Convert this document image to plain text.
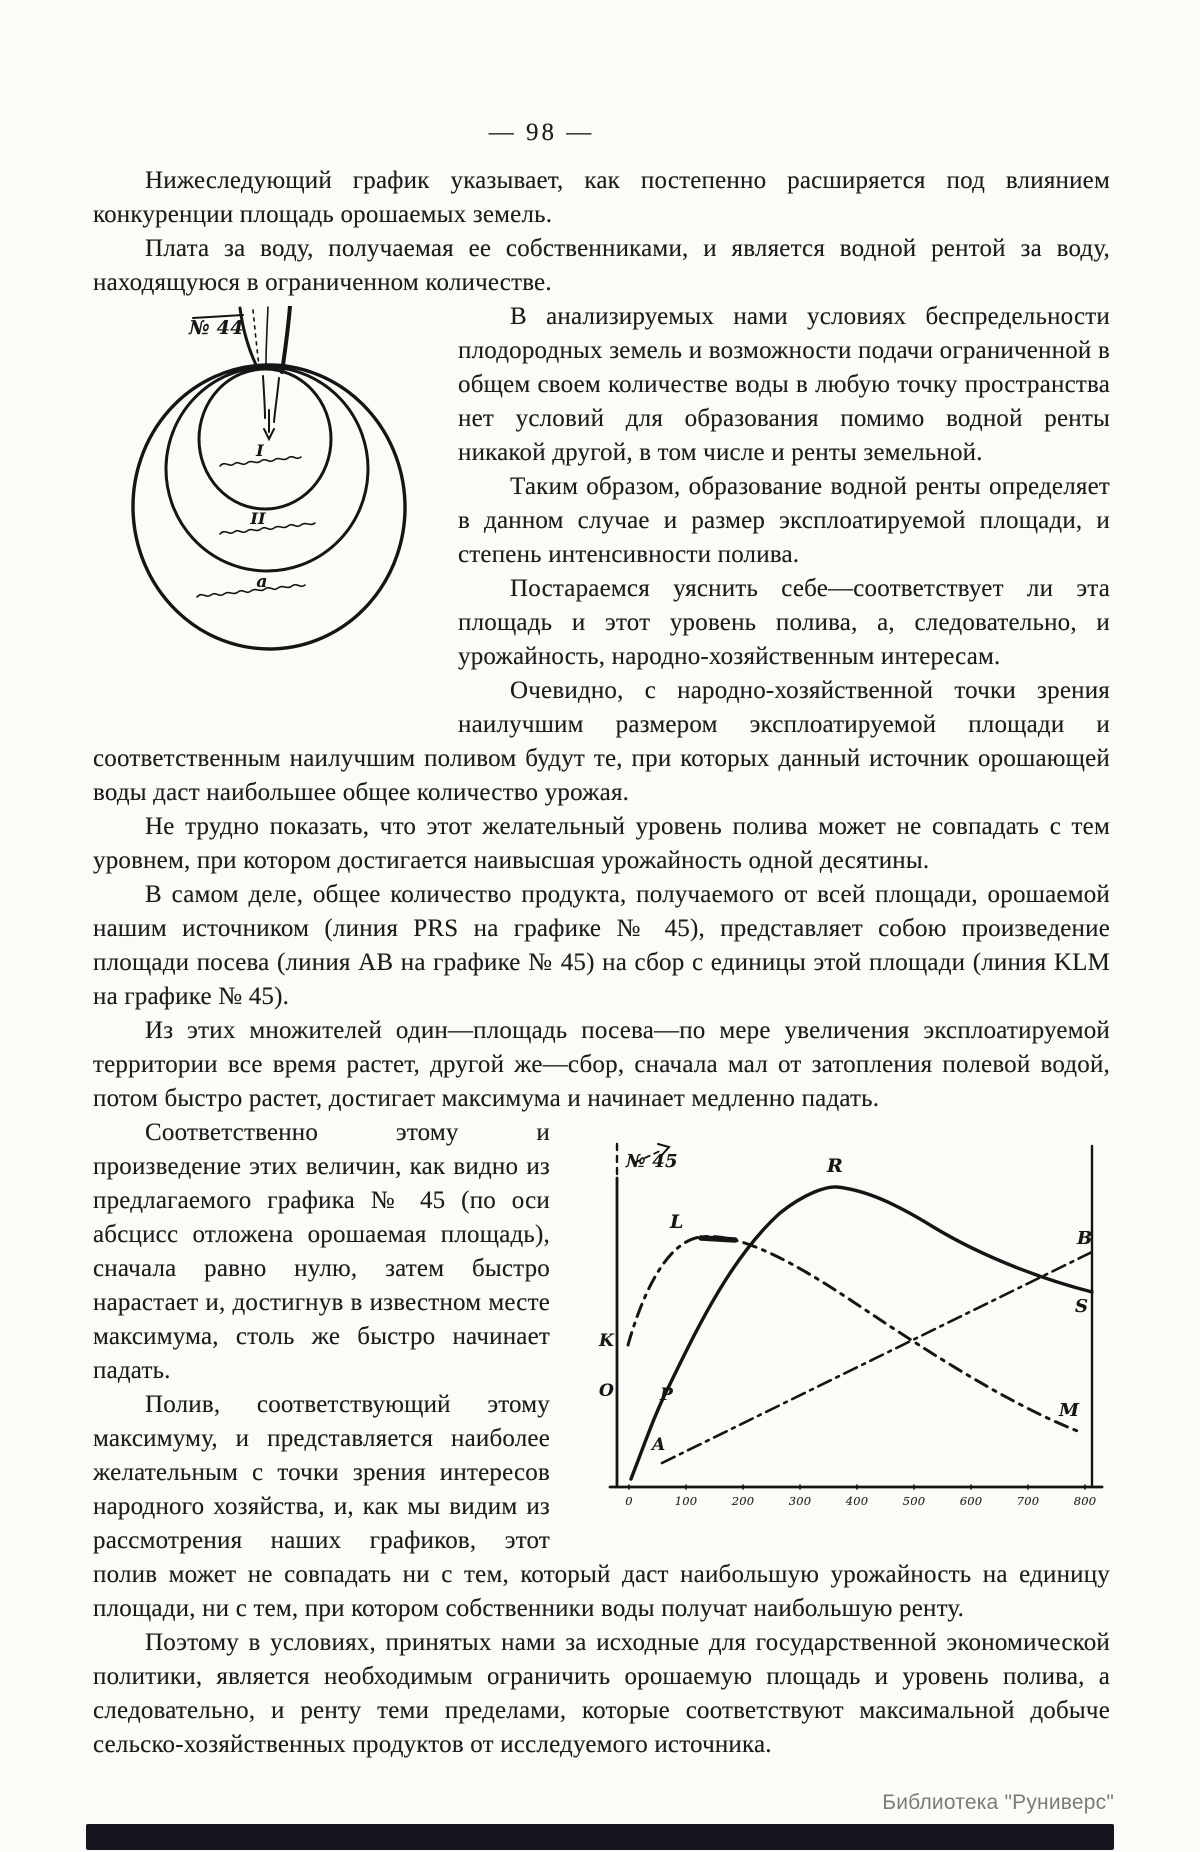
— 98 —

Нижеследующий график указывает, как постепенно расширяется под влиянием конкуренции площадь орошаемых земель.

Плата за воду, получаемая ее собственниками, и является водной рентой за воду, находящуюся в ограниченном количестве.

№ 44
I
II
а

В анализируемых нами условиях беспредельности плодородных земель и возможности подачи ограниченной в общем своем количестве воды в любую точку пространства нет условий для образования помимо водной ренты никакой другой, в том числе и ренты земельной.

Таким образом, образование водной ренты определяет в данном случае и размер эксплоатируемой площади, и степень интенсивности полива.

Постараемся уяснить себе—соответствует ли эта площадь и этот уровень полива, а, следовательно, и урожайность, народно-хозяйственным интересам.

Очевидно, с народно-хозяйственной точки зрения наилучшим размером эксплоатируемой площади и соответственным наилучшим поливом будут те, при которых данный источник орошающей воды даст наибольшее общее количество урожая.

Не трудно показать, что этот желательный уровень полива может не совпадать с тем уровнем, при котором достигается наивысшая урожайность одной десятины.

В самом деле, общее количество продукта, получаемого от всей площади, орошаемой нашим источником (линия PRS на графике № 45), представляет собою произведение площади посева (линия AB на графике № 45) на сбор с единицы этой площади (линия KLM на графике № 45).

Из этих множителей один—площадь посева—по мере увеличения эксплоатируемой территории все время растет, другой же—сбор, сначала мал от затопления полевой водой, потом быстро растет, достигает максимума и начинает медленно падать.

№ 45	R
S
B
M
L
K
O	P
A
0	100	200	300	400	500	600	700	800

Соответственно этому и произведение этих величин, как видно из предлагаемого графика № 45 (по оси абсцисс отложена орошаемая площадь), сначала равно нулю, затем быстро нарастает и, достигнув в известном месте максимума, столь же быстро начинает падать.

Полив, соответствующий этому максимуму, и представляется наиболее желательным с точки зрения интересов народного хозяйства, и, как мы видим из рассмотрения наших графиков, этот полив может не совпадать ни с тем, который даст наибольшую урожайность на единицу площади, ни с тем, при котором собственники воды получат наибольшую ренту.

Поэтому в условиях, принятых нами за исходные для государственной экономической политики, является необходимым ограничить орошаемую площадь и уровень полива, а следовательно, и ренту теми пределами, которые соответствуют максимальной добыче сельско-хозяйственных продуктов от исследуемого источника.

Библиотека "Руниверс"
